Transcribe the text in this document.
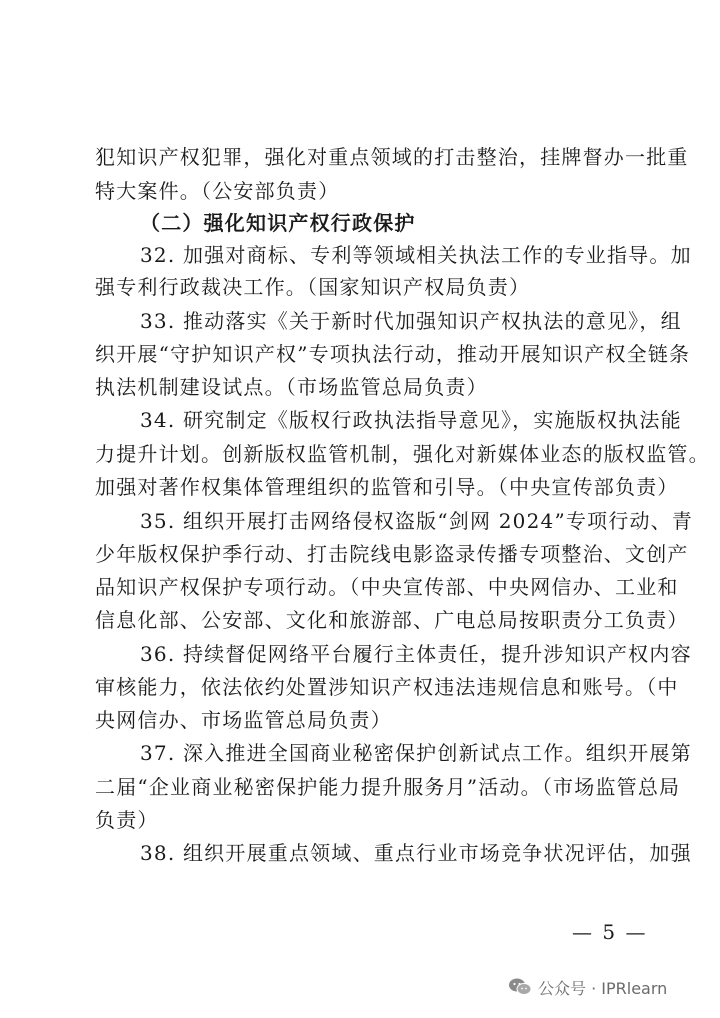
犯知识产权犯罪，强化对重点领域的打击整治，挂牌督办一批重
特大案件。（公安部负责）
（二）强化知识产权行政保护
32. 加强对商标、专利等领域相关执法工作的专业指导。加
强专利行政裁决工作。（国家知识产权局负责）
33. 推动落实《关于新时代加强知识产权执法的意见》，组
织开展“守护知识产权”专项执法行动，推动开展知识产权全链条
执法机制建设试点。（市场监管总局负责）
34. 研究制定《版权行政执法指导意见》，实施版权执法能
力提升计划。创新版权监管机制，强化对新媒体业态的版权监管。
加强对著作权集体管理组织的监管和引导。（中央宣传部负责）
35. 组织开展打击网络侵权盗版“剑网 2024”专项行动、青
少年版权保护季行动、打击院线电影盗录传播专项整治、文创产
品知识产权保护专项行动。（中央宣传部、中央网信办、工业和
信息化部、公安部、文化和旅游部、广电总局按职责分工负责）
36. 持续督促网络平台履行主体责任，提升涉知识产权内容
审核能力，依法依约处置涉知识产权违法违规信息和账号。（中
央网信办、市场监管总局负责）
37. 深入推进全国商业秘密保护创新试点工作。组织开展第
二届“企业商业秘密保护能力提升服务月”活动。（市场监管总局
负责）
38. 组织开展重点领域、重点行业市场竞争状况评估，加强
— 5 —
公众号 · IPRlearn
